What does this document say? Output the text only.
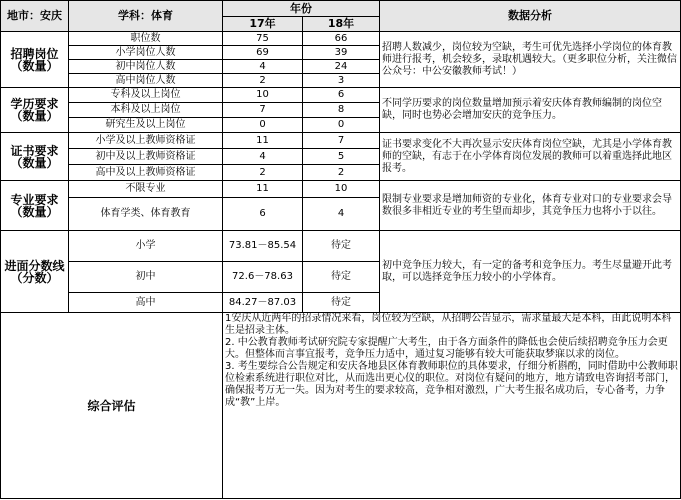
地市：安庆	学科：体育	年份		数据分析
		17年	18年	
招聘岗位
（数量）	职位数	75	66	招聘人数减少，岗位较为空缺，考生可优先选择小学岗位的体育教师进行报考，机会较多，录取机遇较大。（更多职位分析，关注微信公众号：中公安徽教师考试！）
	小学岗位人数	69	39	
	初中岗位人数	4	24	
	高中岗位人数	2	3	
学历要求
（数量）	专科及以上岗位	10	6	不同学历要求的岗位数量增加预示着安庆体育教师编制的岗位空缺，同时也势必会增加安庆的竞争压力。
	本科及以上岗位	7	8	
	研究生及以上岗位	0	0	
证书要求
（数量）	小学及以上教师资格证	11	7	证书要求变化不大再次显示安庆体育岗位空缺，尤其是小学体育教师的空缺，有志于在小学体育岗位发展的教师可以着重选择此地区报考。
	初中及以上教师资格证	4	5	
	高中及以上教师资格证	2	2	
专业要求
（数量）	不限专业	11	10	限制专业要求是增加师资的专业化，体育专业对口的专业要求会导数很多非相近专业的考生望而却步，其竞争压力也将小于以往。
	体育学类、体育教育	6	4	
进面分数线
（分数）	小学	73.81－85.54	待定	初中竞争压力较大，有一定的备考和竞争压力。考生尽量避开此考取，可以选择竞争压力较小的小学体育。
	初中	72.6－78.63	待定	
	高中	84.27－87.03	待定	
综合评估		1安庆从近两年的招录情况来看，岗位较为空缺，从招聘公告显示，需求量最大是本科，由此说明本科生是招录主体。

2. 中公教育教师考试研究院专家提醒广大考生，由于各方面条件的降低也会使后续招聘竞争压力会更大。但整体而言事宜报考，竞争压力适中，通过复习能够有较大可能获取梦寐以求的岗位。

3. 考生要综合公告规定和安庆各地县区体育教师职位的具体要求，仔细分析斟酌，同时借助中公教师职位检索系统进行职位对比，从而选出更心仪的职位。对岗位有疑问的地方，地方请致电咨询招考部门，确保报考万无一失。因为对考生的要求较高，竞争相对激烈，广大考生报名成功后，专心备考，力争成“教”上岸。		
